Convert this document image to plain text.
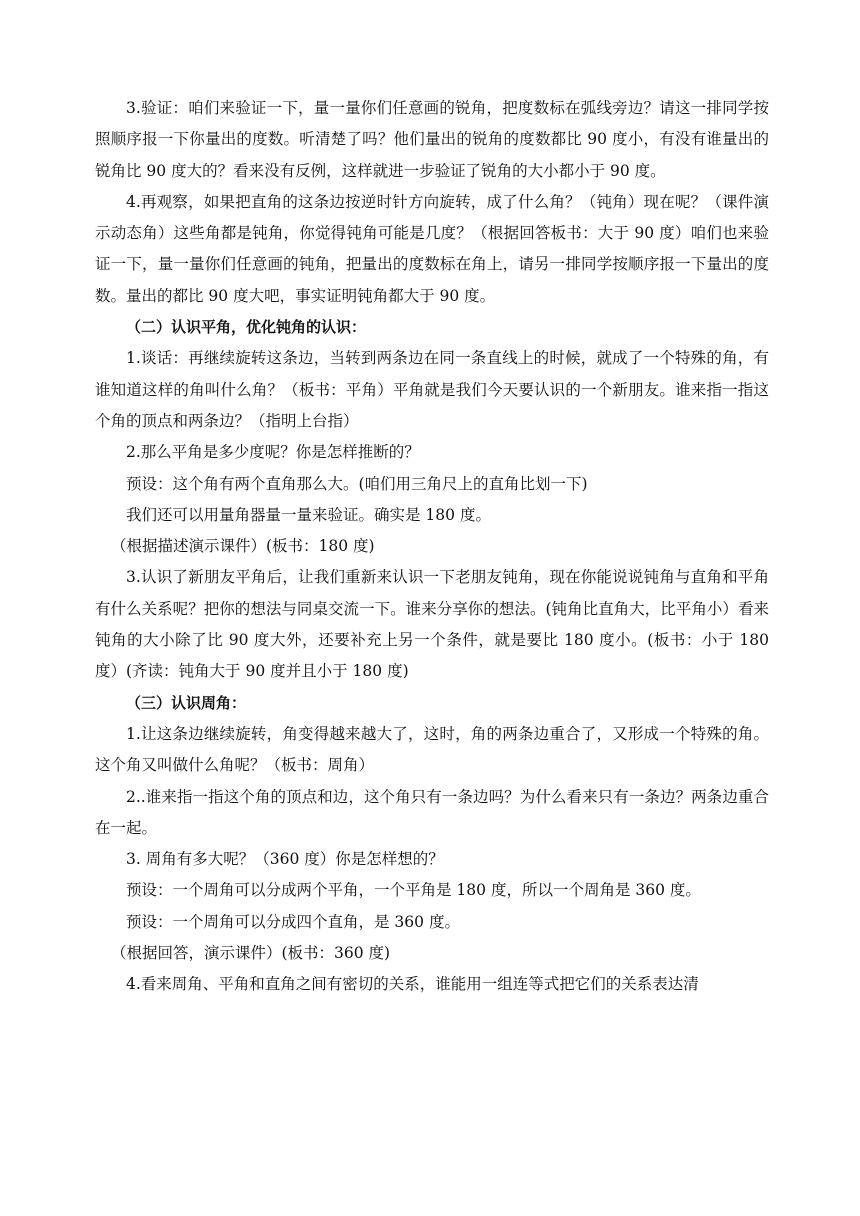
3.验证：咱们来验证一下，量一量你们任意画的锐角，把度数标在弧线旁边？请这一排同学按照顺序报一下你量出的度数。听清楚了吗？他们量出的锐角的度数都比 90 度小，有没有谁量出的锐角比 90 度大的？看来没有反例，这样就进一步验证了锐角的大小都小于 90 度。

4.再观察，如果把直角的这条边按逆时针方向旋转，成了什么角？（钝角）现在呢？（课件演示动态角）这些角都是钝角，你觉得钝角可能是几度？（根据回答板书：大于 90 度）咱们也来验证一下，量一量你们任意画的钝角，把量出的度数标在角上，请另一排同学按顺序报一下量出的度数。量出的都比 90 度大吧，事实证明钝角都大于 90 度。

（二）认识平角，优化钝角的认识：

1.谈话：再继续旋转这条边，当转到两条边在同一条直线上的时候，就成了一个特殊的角，有谁知道这样的角叫什么角？（板书：平角）平角就是我们今天要认识的一个新朋友。谁来指一指这个角的顶点和两条边？（指明上台指）

2.那么平角是多少度呢？你是怎样推断的？

预设：这个角有两个直角那么大。(咱们用三角尺上的直角比划一下)

我们还可以用量角器量一量来验证。确实是 180 度。

（根据描述演示课件）(板书：180 度)

3.认识了新朋友平角后，让我们重新来认识一下老朋友钝角，现在你能说说钝角与直角和平角有什么关系呢？把你的想法与同桌交流一下。谁来分享你的想法。(钝角比直角大，比平角小）看来钝角的大小除了比 90 度大外，还要补充上另一个条件，就是要比 180 度小。(板书：小于 180 度）(齐读：钝角大于 90 度并且小于 180 度)

（三）认识周角：

1.让这条边继续旋转，角变得越来越大了，这时，角的两条边重合了，又形成一个特殊的角。这个角又叫做什么角呢？（板书：周角）

2..谁来指一指这个角的顶点和边，这个角只有一条边吗？为什么看来只有一条边？两条边重合在一起。

3. 周角有多大呢？（360 度）你是怎样想的？

预设：一个周角可以分成两个平角，一个平角是 180 度，所以一个周角是 360 度。

预设：一个周角可以分成四个直角，是 360 度。

（根据回答，演示课件）(板书：360 度)

4.看来周角、平角和直角之间有密切的关系，谁能用一组连等式把它们的关系表达清
